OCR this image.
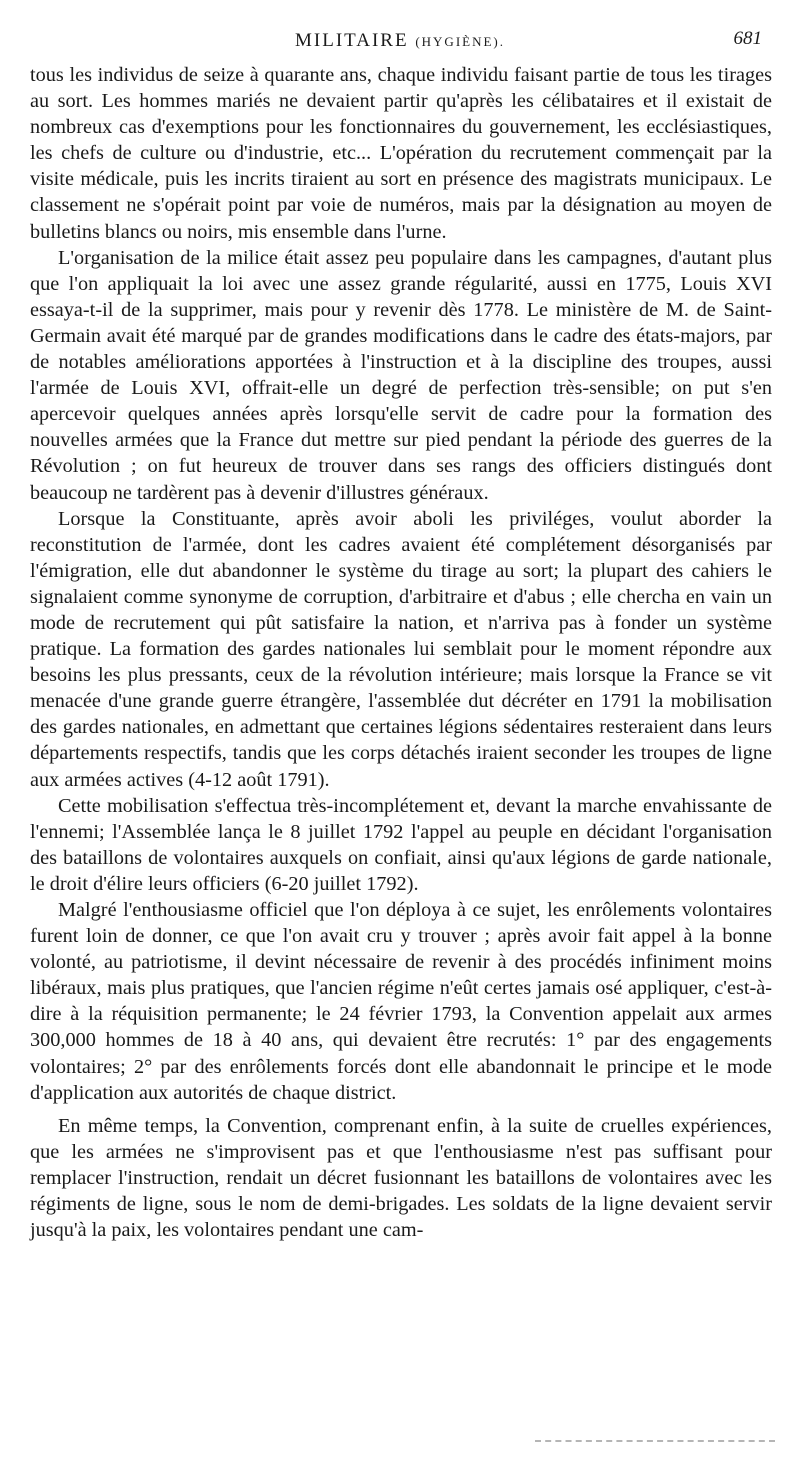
MILITAIRE (HYGIÈNE).	681

tous les individus de seize à quarante ans, chaque individu faisant partie de tous les tirages au sort. Les hommes mariés ne devaient partir qu'après les célibataires et il existait de nombreux cas d'exemptions pour les fonctionnaires du gouvernement, les ecclésiastiques, les chefs de culture ou d'industrie, etc... L'opération du recrutement commençait par la visite médicale, puis les incrits tiraient au sort en présence des magistrats municipaux. Le classement ne s'opérait point par voie de numéros, mais par la désignation au moyen de bulletins blancs ou noirs, mis ensemble dans l'urne.

L'organisation de la milice était assez peu populaire dans les campagnes, d'autant plus que l'on appliquait la loi avec une assez grande régularité, aussi en 1775, Louis XVI essaya-t-il de la supprimer, mais pour y revenir dès 1778. Le ministère de M. de Saint-Germain avait été marqué par de grandes modifications dans le cadre des états-majors, par de notables améliorations apportées à l'instruction et à la discipline des troupes, aussi l'armée de Louis XVI, offrait-elle un degré de perfection très-sensible; on put s'en apercevoir quelques années après lorsqu'elle servit de cadre pour la formation des nouvelles armées que la France dut mettre sur pied pendant la période des guerres de la Révolution ; on fut heureux de trouver dans ses rangs des officiers distingués dont beaucoup ne tardèrent pas à devenir d'illustres généraux.

Lorsque la Constituante, après avoir aboli les priviléges, voulut aborder la reconstitution de l'armée, dont les cadres avaient été complétement désorganisés par l'émigration, elle dut abandonner le système du tirage au sort; la plupart des cahiers le signalaient comme synonyme de corruption, d'arbitraire et d'abus ; elle chercha en vain un mode de recrutement qui pût satisfaire la nation, et n'arriva pas à fonder un système pratique. La formation des gardes nationales lui semblait pour le moment répondre aux besoins les plus pressants, ceux de la révolution intérieure; mais lorsque la France se vit menacée d'une grande guerre étrangère, l'assemblée dut décréter en 1791 la mobilisation des gardes nationales, en admettant que certaines légions sédentaires resteraient dans leurs départements respectifs, tandis que les corps détachés iraient seconder les troupes de ligne aux armées actives (4-12 août 1791).

Cette mobilisation s'effectua très-incomplétement et, devant la marche envahissante de l'ennemi; l'Assemblée lança le 8 juillet 1792 l'appel au peuple en décidant l'organisation des bataillons de volontaires auxquels on confiait, ainsi qu'aux légions de garde nationale, le droit d'élire leurs officiers (6-20 juillet 1792).

Malgré l'enthousiasme officiel que l'on déploya à ce sujet, les enrôlements volontaires furent loin de donner, ce que l'on avait cru y trouver ; après avoir fait appel à la bonne volonté, au patriotisme, il devint nécessaire de revenir à des procédés infiniment moins libéraux, mais plus pratiques, que l'ancien régime n'eût certes jamais osé appliquer, c'est-à-dire à la réquisition permanente; le 24 février 1793, la Convention appelait aux armes 300,000 hommes de 18 à 40 ans, qui devaient être recrutés: 1° par des engagements volontaires; 2° par des enrôlements forcés dont elle abandonnait le principe et le mode d'application aux autorités de chaque district.

En même temps, la Convention, comprenant enfin, à la suite de cruelles expériences, que les armées ne s'improvisent pas et que l'enthousiasme n'est pas suffisant pour remplacer l'instruction, rendait un décret fusionnant les bataillons de volontaires avec les régiments de ligne, sous le nom de demi-brigades. Les soldats de la ligne devaient servir jusqu'à la paix, les volontaires pendant une cam-
